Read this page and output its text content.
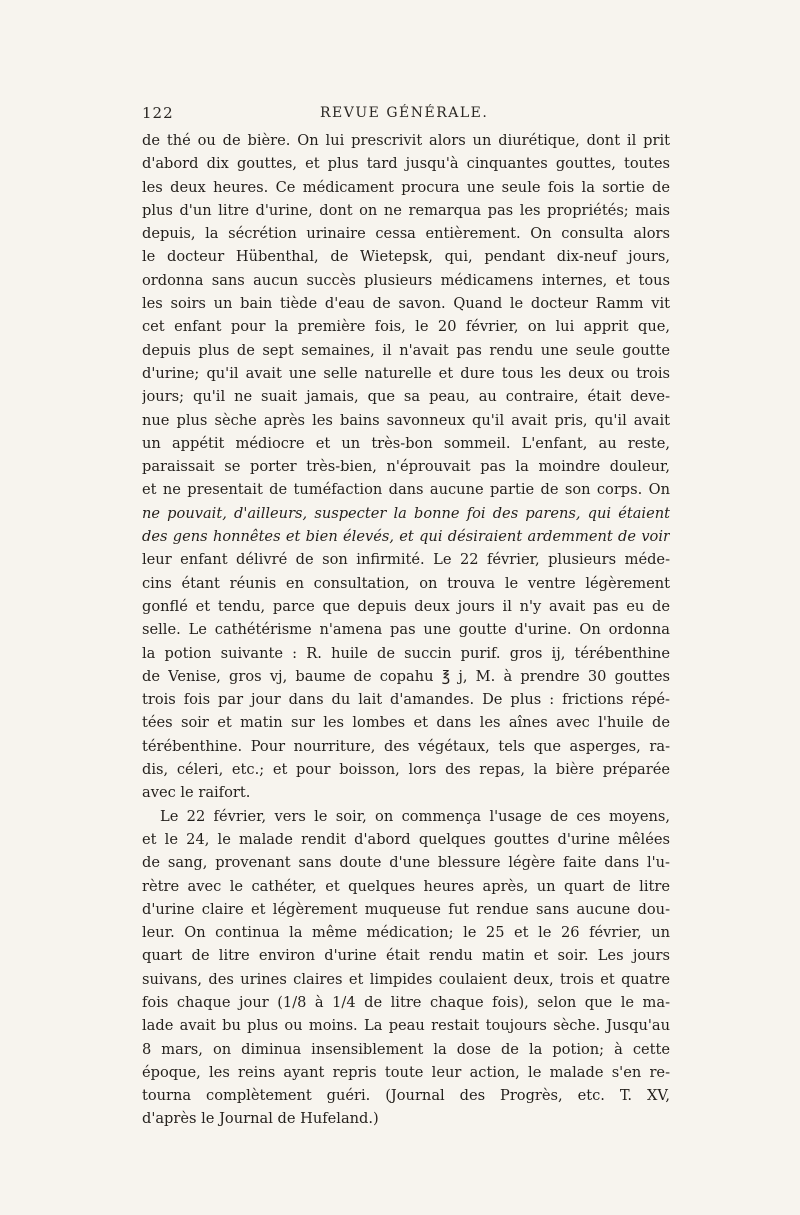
122	REVUE GÉNÉRALE.
de thé ou de bière. On lui prescrivit alors un diurétique, dont il prit
d'abord dix gouttes, et plus tard jusqu'à cinquantes gouttes, toutes
les deux heures. Ce médicament procura une seule fois la sortie de
plus d'un litre d'urine, dont on ne remarqua pas les propriétés; mais
depuis, la sécrétion urinaire cessa entièrement. On consulta alors
le docteur Hübenthal, de Wietepsk, qui, pendant dix-neuf jours,
ordonna sans aucun succès plusieurs médicamens internes, et tous
les soirs un bain tiède d'eau de savon. Quand le docteur Ramm vit
cet enfant pour la première fois, le 20 février, on lui apprit que,
depuis plus de sept semaines, il n'avait pas rendu une seule goutte
d'urine; qu'il avait une selle naturelle et dure tous les deux ou trois
jours; qu'il ne suait jamais, que sa peau, au contraire, était deve-
nue plus sèche après les bains savonneux qu'il avait pris, qu'il avait
un appétit médiocre et un très-bon sommeil. L'enfant, au reste,
paraissait se porter très-bien, n'éprouvait pas la moindre douleur,
et ne presentait de tuméfaction dans aucune partie de son corps. On
ne pouvait, d'ailleurs, suspecter la bonne foi des parens, qui étaient
des gens honnêtes et bien élevés, et qui désiraient ardemment de voir
leur enfant délivré de son infirmité. Le 22 février, plusieurs méde-
cins étant réunis en consultation, on trouva le ventre légèrement
gonflé et tendu, parce que depuis deux jours il n'y avait pas eu de
selle. Le cathétérisme n'amena pas une goutte d'urine. On ordonna
la potion suivante : R. huile de succin purif. gros ij, térébenthine
de Venise, gros vj, baume de copahu ℥ j, M. à prendre 30 gouttes
trois fois par jour dans du lait d'amandes. De plus : frictions répé-
tées soir et matin sur les lombes et dans les aînes avec l'huile de
térébenthine. Pour nourriture, des végétaux, tels que asperges, ra-
dis, céleri, etc.; et pour boisson, lors des repas, la bière préparée
avec le raifort.
Le 22 février, vers le soir, on commença l'usage de ces moyens,
et le 24, le malade rendit d'abord quelques gouttes d'urine mêlées
de sang, provenant sans doute d'une blessure légère faite dans l'u-
rètre avec le cathéter, et quelques heures après, un quart de litre
d'urine claire et légèrement muqueuse fut rendue sans aucune dou-
leur. On continua la même médication; le 25 et le 26 février, un
quart de litre environ d'urine était rendu matin et soir. Les jours
suivans, des urines claires et limpides coulaient deux, trois et quatre
fois chaque jour (1/8 à 1/4 de litre chaque fois), selon que le ma-
lade avait bu plus ou moins. La peau restait toujours sèche. Jusqu'au
8 mars, on diminua insensiblement la dose de la potion; à cette
époque, les reins ayant repris toute leur action, le malade s'en re-
tourna complètement guéri. (Journal des Progrès, etc. T. XV,
d'après le Journal de Hufeland.)
